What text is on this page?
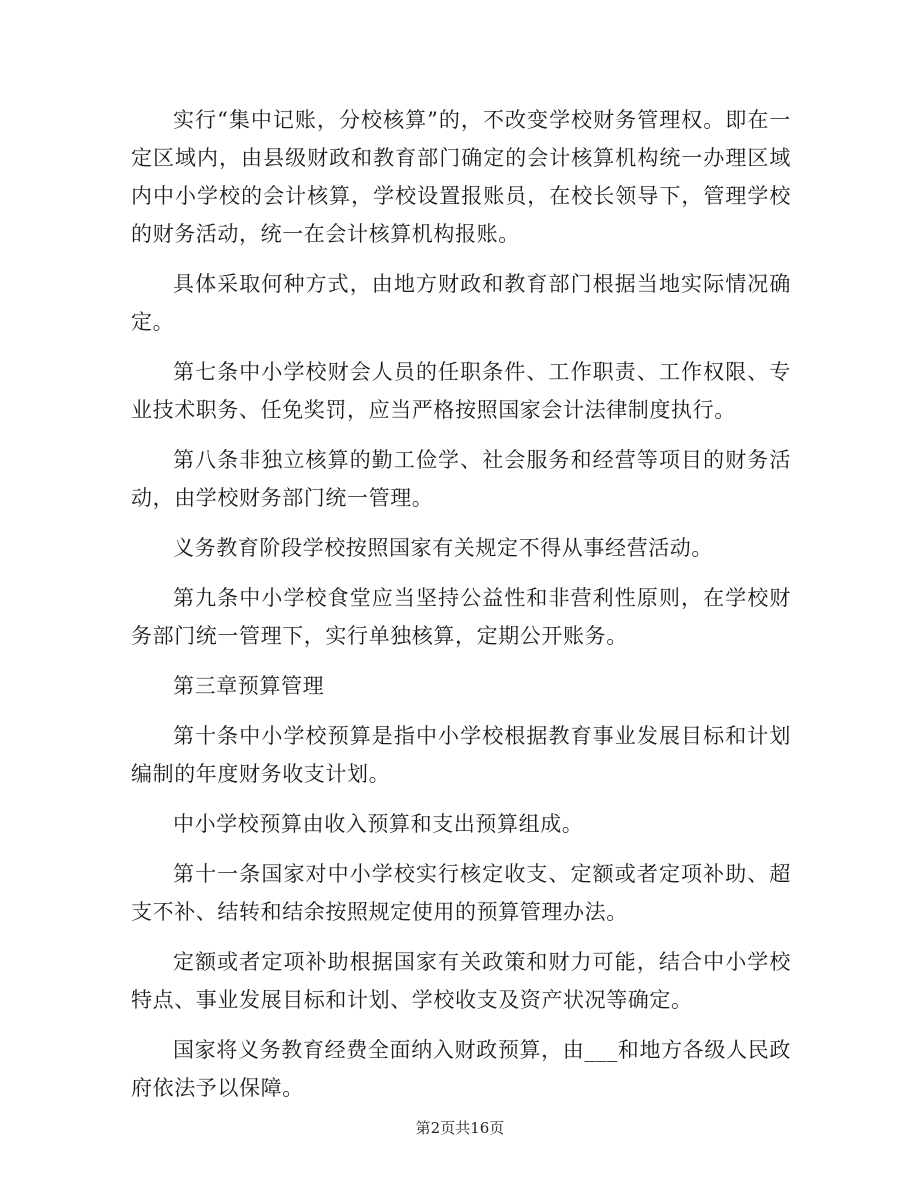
实行“集中记账，分校核算”的，不改变学校财务管理权。即在一定区域内，由县级财政和教育部门确定的会计核算机构统一办理区域内中小学校的会计核算，学校设置报账员，在校长领导下，管理学校的财务活动，统一在会计核算机构报账。

具体采取何种方式，由地方财政和教育部门根据当地实际情况确定。

第七条中小学校财会人员的任职条件、工作职责、工作权限、专业技术职务、任免奖罚，应当严格按照国家会计法律制度执行。

第八条非独立核算的勤工俭学、社会服务和经营等项目的财务活动，由学校财务部门统一管理。

义务教育阶段学校按照国家有关规定不得从事经营活动。

第九条中小学校食堂应当坚持公益性和非营利性原则，在学校财务部门统一管理下，实行单独核算，定期公开账务。

第三章预算管理

第十条中小学校预算是指中小学校根据教育事业发展目标和计划编制的年度财务收支计划。

中小学校预算由收入预算和支出预算组成。

第十一条国家对中小学校实行核定收支、定额或者定项补助、超支不补、结转和结余按照规定使用的预算管理办法。

定额或者定项补助根据国家有关政策和财力可能，结合中小学校特点、事业发展目标和计划、学校收支及资产状况等确定。

国家将义务教育经费全面纳入财政预算，由___和地方各级人民政府依法予以保障。

第2页共16页
